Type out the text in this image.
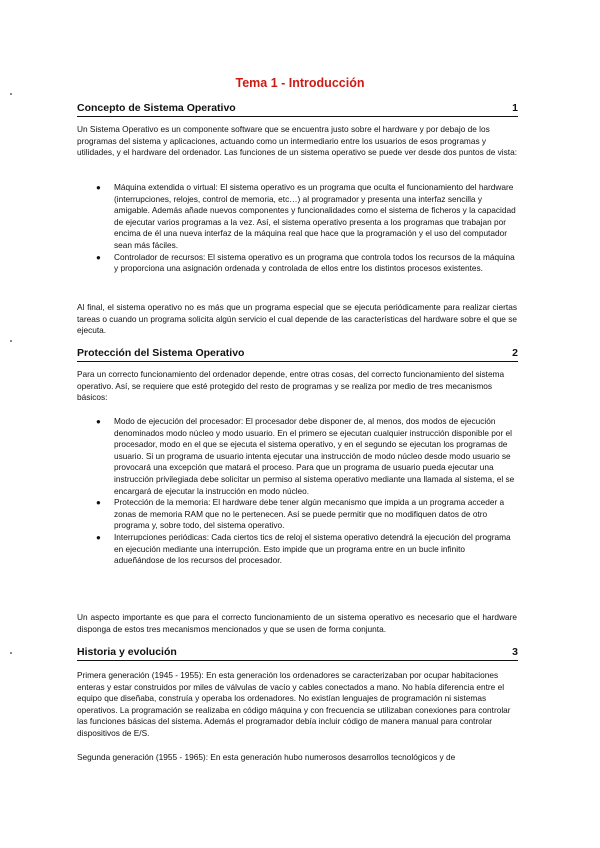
Tema 1 - Introducción
Concepto de Sistema Operativo	1

Un Sistema Operativo es un componente software que se encuentra justo sobre el hardware y por debajo de los programas del sistema y aplicaciones, actuando como un intermediario entre los usuarios de esos programas y utilidades, y el hardware del ordenador. Las funciones de un sistema operativo se puede ver desde dos puntos de vista:

● Máquina extendida o virtual: El sistema operativo es un programa que oculta el funcionamiento del hardware (interrupciones, relojes, control de memoria, etc…) al programador y presenta una interfaz sencilla y amigable. Además añade nuevos componentes y funcionalidades como el sistema de ficheros y la capacidad de ejecutar varios programas a la vez. Así, el sistema operativo presenta a los programas que trabajan por encima de él una nueva interfaz de la máquina real que hace que la programación y el uso del computador sean más fáciles.
● Controlador de recursos: El sistema operativo es un programa que controla todos los recursos de la máquina y proporciona una asignación ordenada y controlada de ellos entre los distintos procesos existentes.

Al final, el sistema operativo no es más que un programa especial que se ejecuta periódicamente para realizar ciertas tareas o cuando un programa solicita algún servicio el cual depende de las características del hardware sobre el que se ejecuta.

Protección del Sistema Operativo	2

Para un correcto funcionamiento del ordenador depende, entre otras cosas, del correcto funcionamiento del sistema operativo. Así, se requiere que esté protegido del resto de programas y se realiza por medio de tres mecanismos básicos:

● Modo de ejecución del procesador: El procesador debe disponer de, al menos, dos modos de ejecución denominados modo núcleo y modo usuario. En el primero se ejecutan cualquier instrucción disponible por el procesador, modo en el que se ejecuta el sistema operativo, y en el segundo se ejecutan los programas de usuario. Si un programa de usuario intenta ejecutar una instrucción de modo núcleo desde modo usuario se provocará una excepción que matará el proceso. Para que un programa de usuario pueda ejecutar una instrucción privilegiada debe solicitar un permiso al sistema operativo mediante una llamada al sistema, el se encargará de ejecutar la instrucción en modo núcleo.
● Protección de la memoria: El hardware debe tener algún mecanismo que impida a un programa acceder a zonas de memoria RAM que no le pertenecen. Así se puede permitir que no modifiquen datos de otro programa y, sobre todo, del sistema operativo.
● Interrupciones periódicas: Cada ciertos tics de reloj el sistema operativo detendrá la ejecución del programa en ejecución mediante una interrupción. Esto impide que un programa entre en un bucle infinito adueñándose de los recursos del procesador.

Un aspecto importante es que para el correcto funcionamiento de un sistema operativo es necesario que el hardware disponga de estos tres mecanismos mencionados y que se usen de forma conjunta.

Historia y evolución	3

Primera generación (1945 - 1955): En esta generación los ordenadores se caracterizaban por ocupar habitaciones enteras y estar construidos por miles de válvulas de vacío y cables conectados a mano. No había diferencia entre el equipo que diseñaba, construía y operaba los ordenadores. No existían lenguajes de programación ni sistemas operativos. La programación se realizaba en código máquina y con frecuencia se utilizaban conexiones para controlar las funciones básicas del sistema. Además el programador debía incluir código de manera manual para controlar dispositivos de E/S.

Segunda generación (1955 - 1965): En esta generación hubo numerosos desarrollos tecnológicos y de
